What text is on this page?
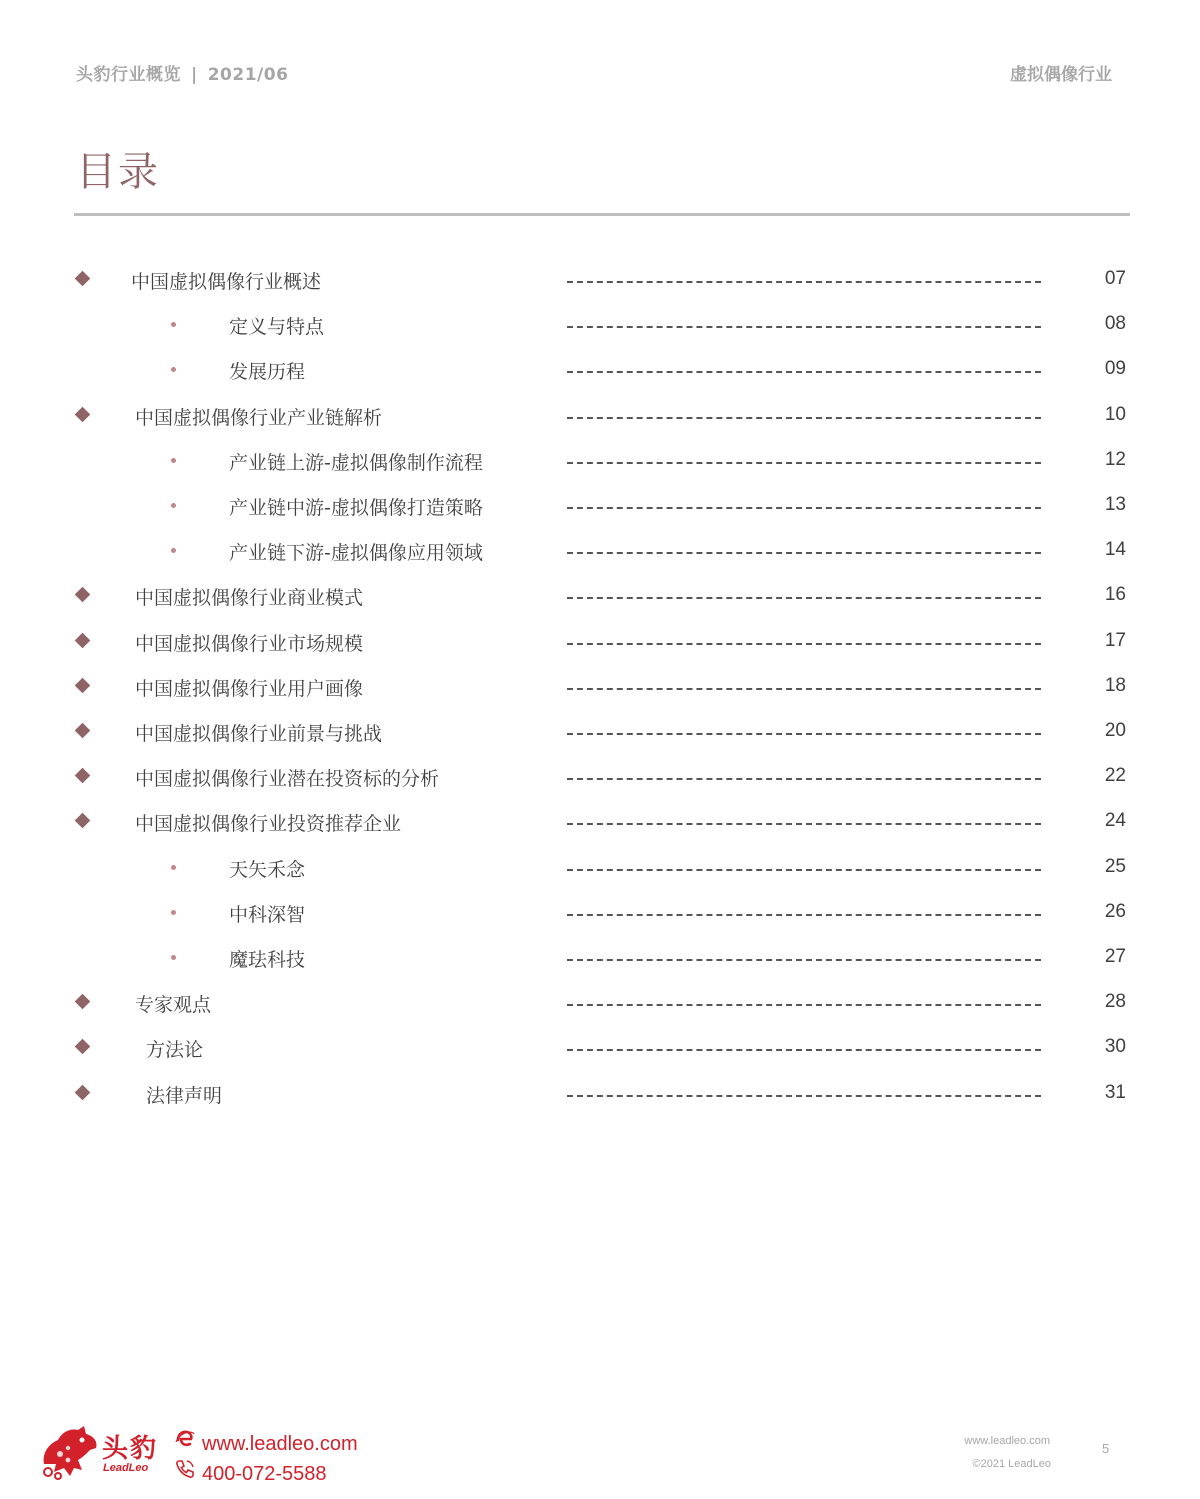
头豹行业概览 | 2021/06	虚拟偶像行业
目录
中国虚拟偶像行业概述	07
定义与特点	08
发展历程	09
中国虚拟偶像行业产业链解析	10
产业链上游-虚拟偶像制作流程	12
产业链中游-虚拟偶像打造策略	13
产业链下游-虚拟偶像应用领域	14
中国虚拟偶像行业商业模式	16
中国虚拟偶像行业市场规模	17
中国虚拟偶像行业用户画像	18
中国虚拟偶像行业前景与挑战	20
中国虚拟偶像行业潜在投资标的分析	22
中国虚拟偶像行业投资推荐企业	24
天矢禾念	25
中科深智	26
魔珐科技	27
专家观点	28
方法论	30
法律声明	31
头豹
LeadLeo
www.leadleo.com
400-072-5588
www.leadleo.com
©2021 LeadLeo
5
